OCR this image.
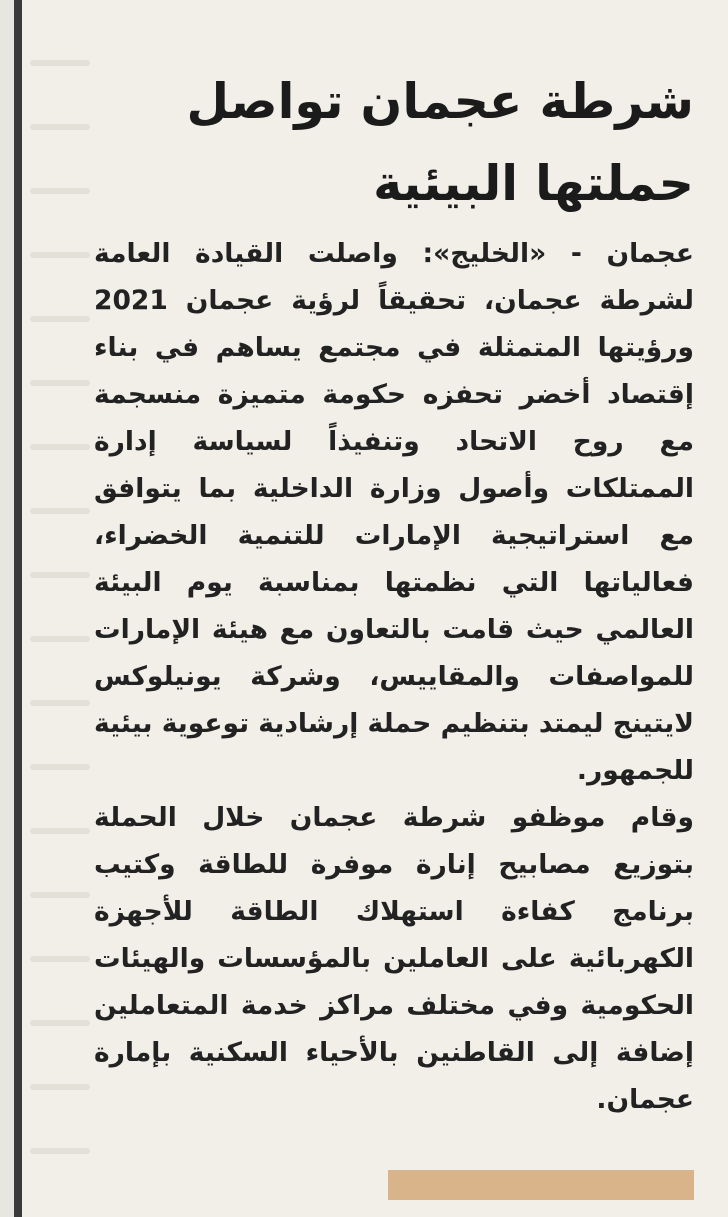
شرطة عجمان تواصل حملتها البيئية

عجمان - «الخليج»: واصلت القيادة العامة لشرطة عجمان، تحقيقاً لرؤية عجمان 2021 ورؤيتها المتمثلة في مجتمع يساهم في بناء إقتصاد أخضر تحفزه حكومة متميزة منسجمة مع روح الاتحاد وتنفيذاً لسياسة إدارة الممتلكات وأصول وزارة الداخلية بما يتوافق مع استراتيجية الإمارات للتنمية الخضراء، فعالياتها التي نظمتها بمناسبة يوم البيئة العالمي حيث قامت بالتعاون مع هيئة الإمارات للمواصفات والمقاييس، وشركة يونيلوكس لايتينج ليمتد بتنظيم حملة إرشادية توعوية بيئية للجمهور.

وقام موظفو شرطة عجمان خلال الحملة بتوزيع مصابيح إنارة موفرة للطاقة وكتيب برنامج كفاءة استهلاك الطاقة للأجهزة الكهربائية على العاملين بالمؤسسات والهيئات الحكومية وفي مختلف مراكز خدمة المتعاملين إضافة إلى القاطنين بالأحياء السكنية بإمارة عجمان.
